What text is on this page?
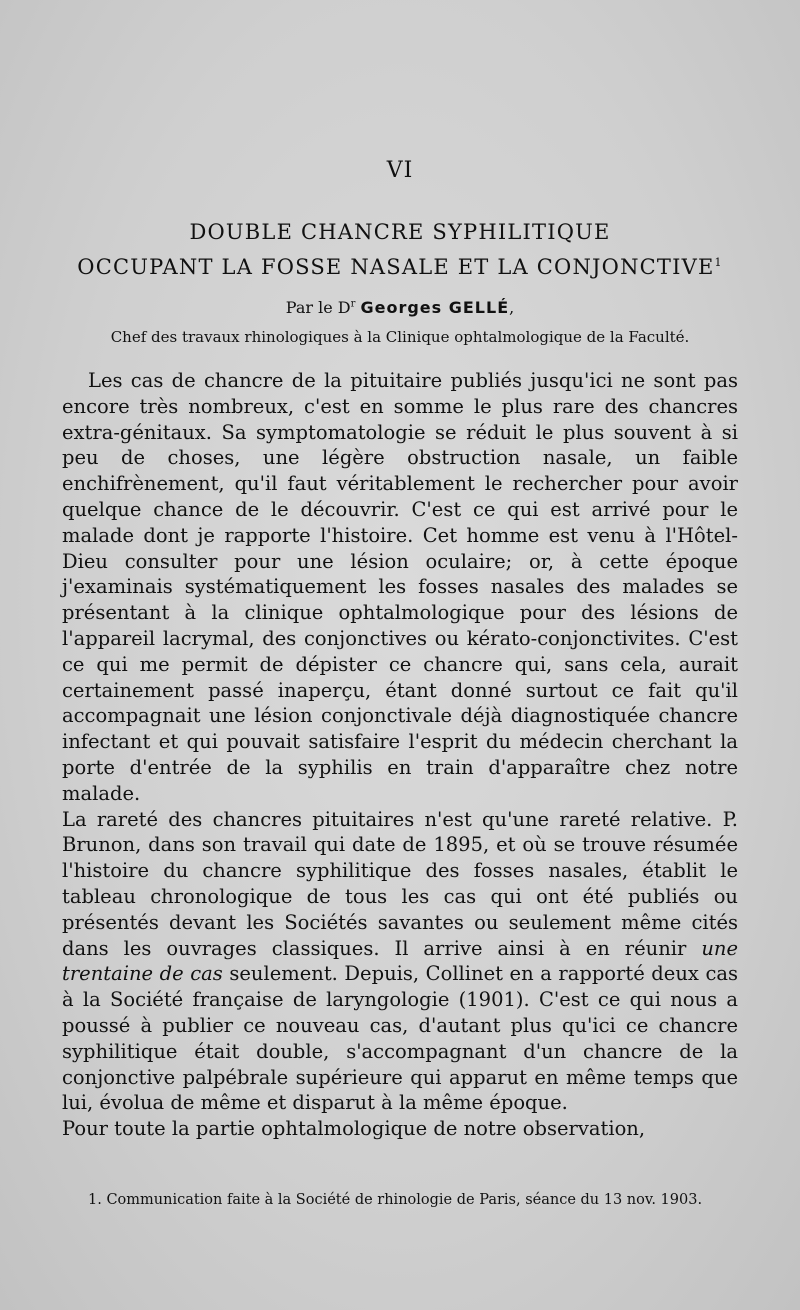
VI
DOUBLE CHANCRE SYPHILITIQUE
OCCUPANT LA FOSSE NASALE ET LA CONJONCTIVE$^1$
Par le $D^r$ Georges GELLÉ,
Chef des travaux rhinologiques à la Clinique ophtalmologique de la Faculté.

Les cas de chancre de la pituitaire publiés jusqu'ici ne sont pas encore très nombreux, c'est en somme le plus rare des chancres extra-génitaux. Sa symptomatologie se réduit le plus souvent à si peu de choses, une légère obstruction nasale, un faible enchifrènement, qu'il faut véritablement le rechercher pour avoir quelque chance de le découvrir. C'est ce qui est arrivé pour le malade dont je rapporte l'histoire. Cet homme est venu à l'Hôtel-Dieu consulter pour une lésion oculaire; or, à cette époque j'examinais systématiquement les fosses nasales des malades se présentant à la clinique ophtalmologique pour des lésions de l'appareil lacrymal, des conjonctives ou kérato-conjonctivites. C'est ce qui me permit de dépister ce chancre qui, sans cela, aurait certainement passé inaperçu, étant donné surtout ce fait qu'il accompagnait une lésion conjonctivale déjà diagnostiquée chancre infectant et qui pouvait satisfaire l'esprit du médecin cherchant la porte d'entrée de la syphilis en train d'apparaître chez notre malade.

La rareté des chancres pituitaires n'est qu'une rareté relative. P. Brunon, dans son travail qui date de 1895, et où se trouve résumée l'histoire du chancre syphilitique des fosses nasales, établit le tableau chronologique de tous les cas qui ont été publiés ou présentés devant les Sociétés savantes ou seulement même cités dans les ouvrages classiques. Il arrive ainsi à en réunir une trentaine de cas seulement. Depuis, Collinet en a rapporté deux cas à la Société française de laryngologie (1901). C'est ce qui nous a poussé à publier ce nouveau cas, d'autant plus qu'ici ce chancre syphilitique était double, s'accompagnant d'un chancre de la conjonctive palpébrale supérieure qui apparut en même temps que lui, évolua de même et disparut à la même époque.

Pour toute la partie ophtalmologique de notre observation,

1. Communication faite à la Société de rhinologie de Paris, séance du 13 nov. 1903.
